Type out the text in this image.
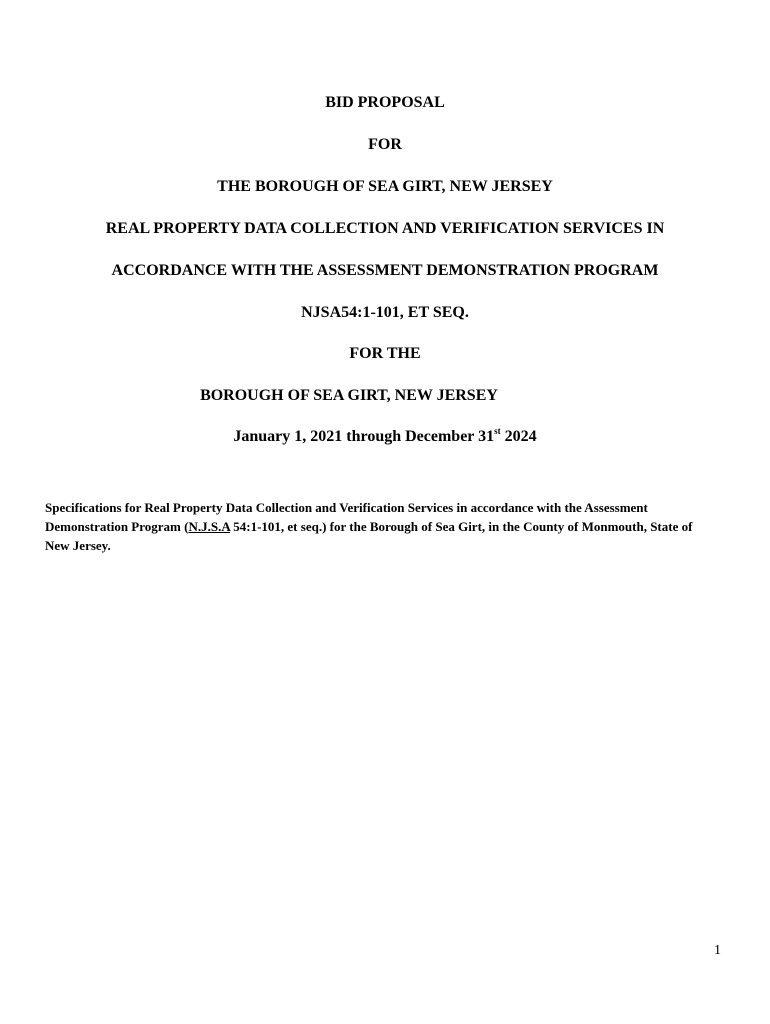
BID PROPOSAL
FOR
THE BOROUGH OF SEA GIRT, NEW JERSEY
REAL PROPERTY DATA COLLECTION AND VERIFICATION SERVICES IN
ACCORDANCE WITH THE ASSESSMENT DEMONSTRATION PROGRAM
NJSA54:1-101, ET SEQ.
FOR THE
BOROUGH OF SEA GIRT, NEW JERSEY
January 1, 2021 through December 31st 2024
Specifications for Real Property Data Collection and Verification Services in accordance with the Assessment Demonstration Program (N.J.S.A 54:1-101, et seq.) for the Borough of Sea Girt, in the County of Monmouth, State of New Jersey.
1
